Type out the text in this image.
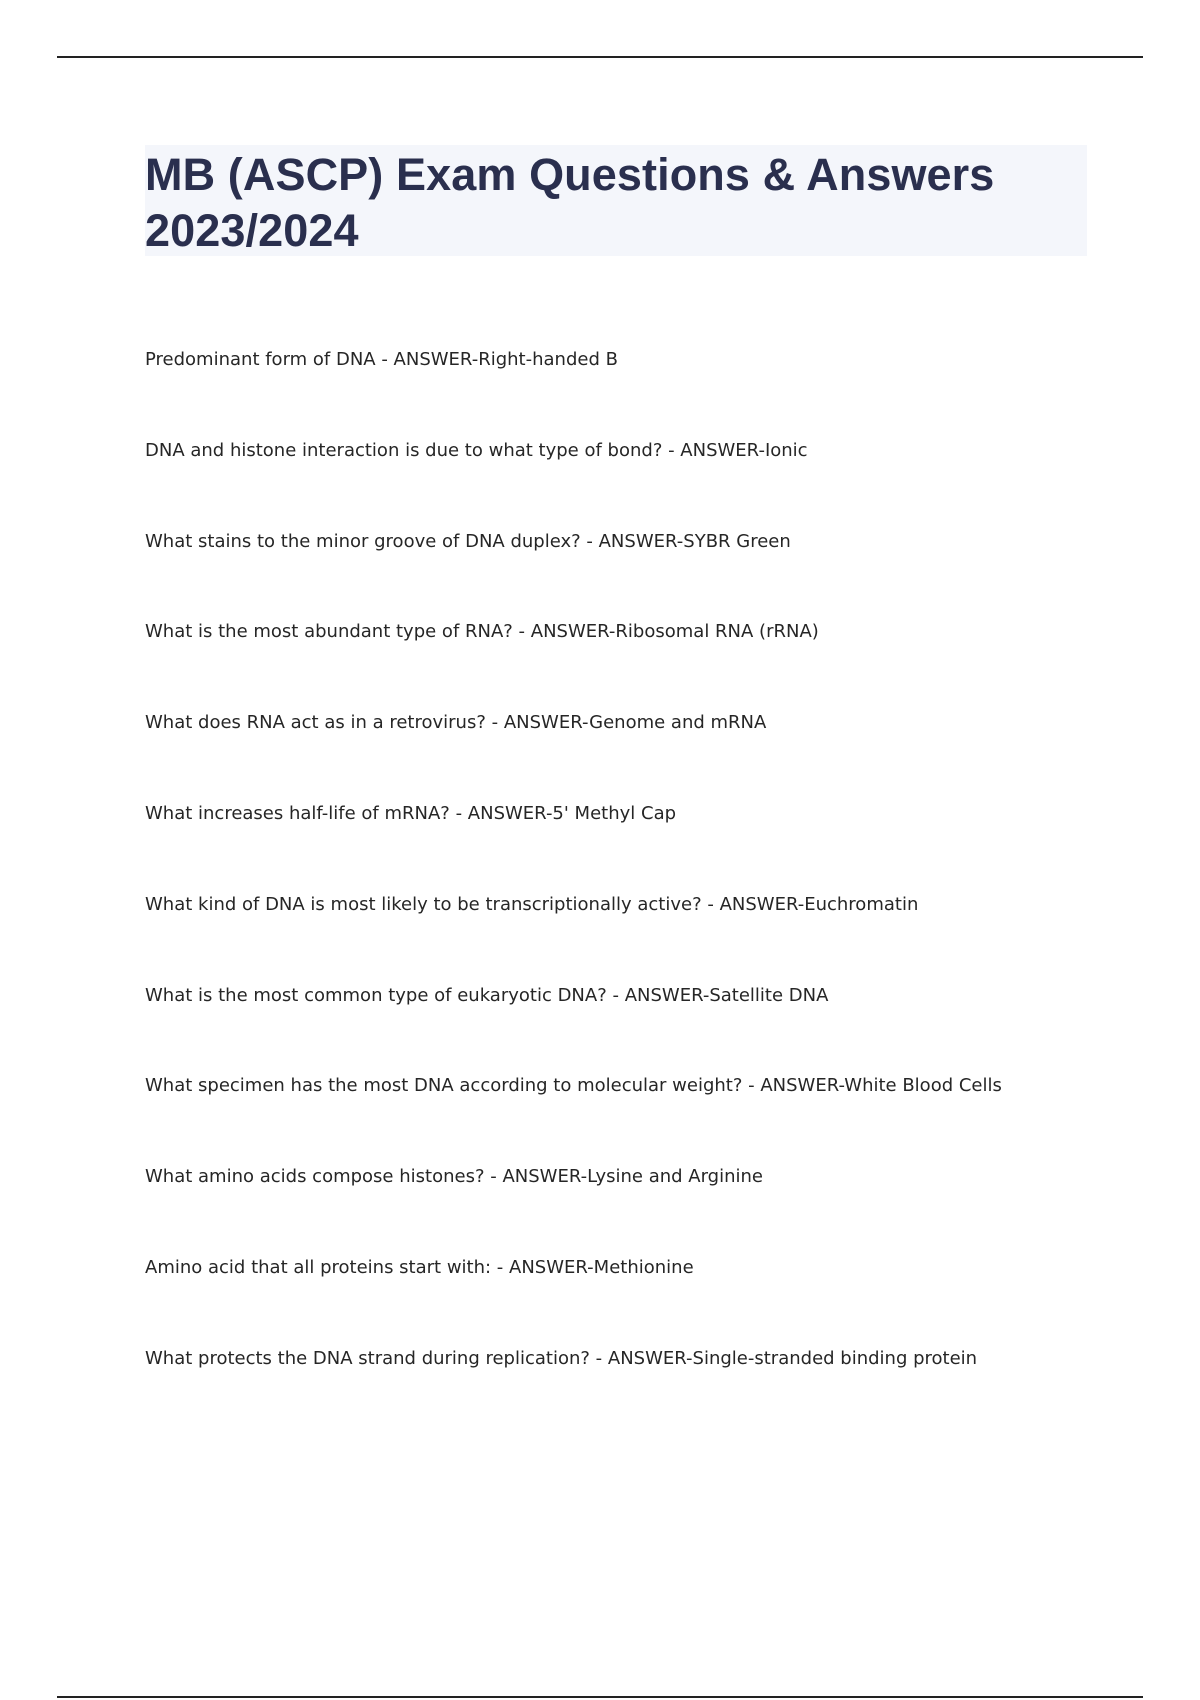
MB (ASCP) Exam Questions & Answers 2023/2024
Predominant form of DNA - ANSWER-Right-handed B
DNA and histone interaction is due to what type of bond? - ANSWER-Ionic
What stains to the minor groove of DNA duplex? - ANSWER-SYBR Green
What is the most abundant type of RNA? - ANSWER-Ribosomal RNA (rRNA)
What does RNA act as in a retrovirus? - ANSWER-Genome and mRNA
What increases half-life of mRNA? - ANSWER-5' Methyl Cap
What kind of DNA is most likely to be transcriptionally active? - ANSWER-Euchromatin
What is the most common type of eukaryotic DNA? - ANSWER-Satellite DNA
What specimen has the most DNA according to molecular weight? - ANSWER-White Blood Cells
What amino acids compose histones? - ANSWER-Lysine and Arginine
Amino acid that all proteins start with: - ANSWER-Methionine
What protects the DNA strand during replication? - ANSWER-Single-stranded binding protein
